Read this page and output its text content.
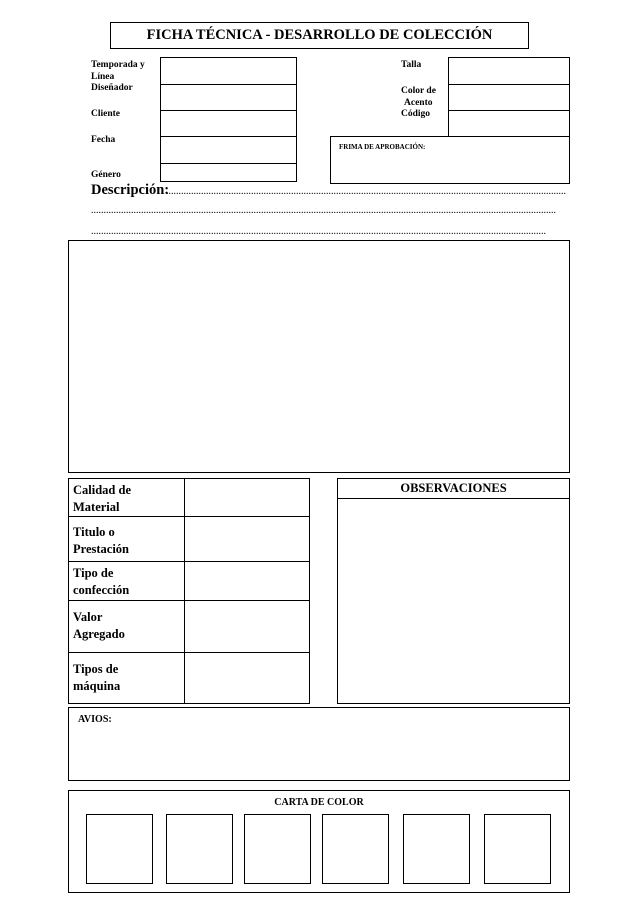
FICHA TÉCNICA - DESARROLLO DE COLECCIÓN
Temporada y
Línea
Diseñador
Cliente
Fecha
Género
Talla
Color de
Acento
Código
FRIMA DE APROBACIÓN:
Descripción:
................................................................................................................................................................
..........................................................................................................................................................................................
......................................................................................................................................................................................
Calidad de
Material
Titulo o
Prestación
Tipo de
confección
Valor
Agregado
Tipos de
máquina
OBSERVACIONES
AVIOS:
CARTA DE COLOR
